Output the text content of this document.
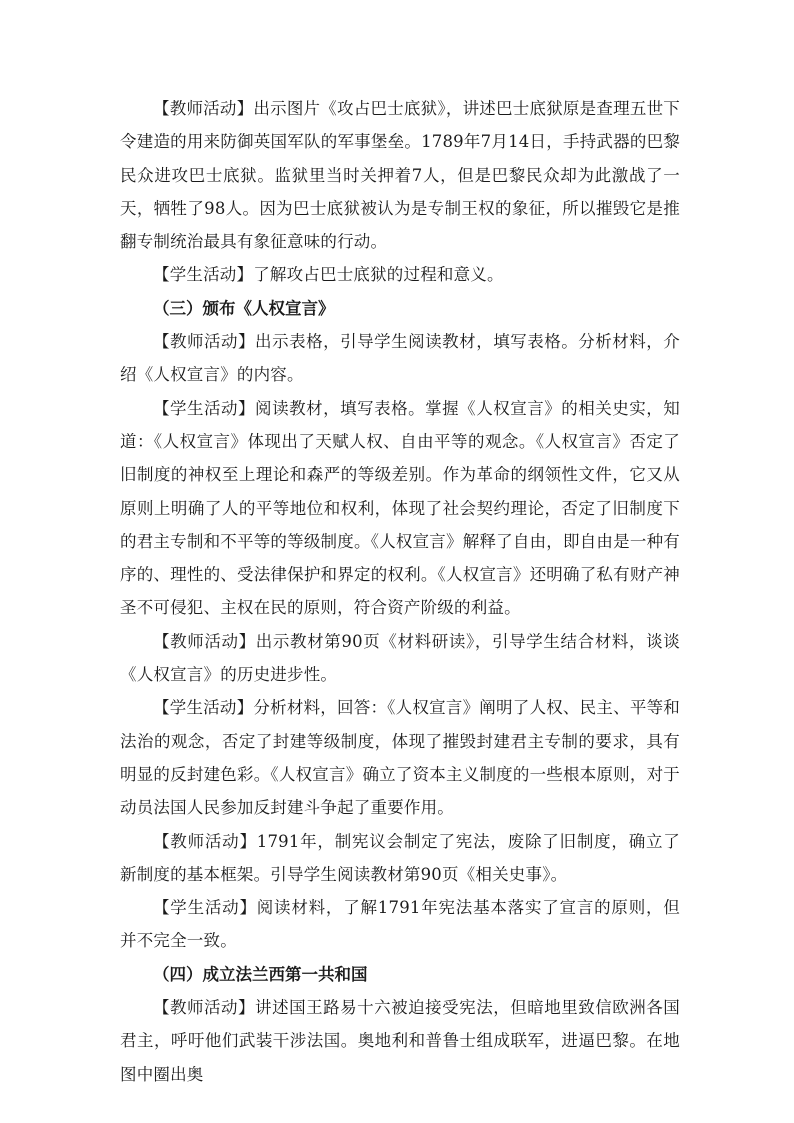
【教师活动】出示图片《攻占巴士底狱》，讲述巴士底狱原是查理五世下令建造的用来防御英国军队的军事堡垒。1789年7月14日，手持武器的巴黎民众进攻巴士底狱。监狱里当时关押着7人，但是巴黎民众却为此激战了一天，牺牲了98人。因为巴士底狱被认为是专制王权的象征，所以摧毁它是推翻专制统治最具有象征意味的行动。

【学生活动】了解攻占巴士底狱的过程和意义。

（三）颁布《人权宣言》

【教师活动】出示表格，引导学生阅读教材，填写表格。分析材料，介绍《人权宣言》的内容。

【学生活动】阅读教材，填写表格。掌握《人权宣言》的相关史实，知道：《人权宣言》体现出了天赋人权、自由平等的观念。《人权宣言》否定了旧制度的神权至上理论和森严的等级差别。作为革命的纲领性文件，它又从原则上明确了人的平等地位和权利，体现了社会契约理论，否定了旧制度下的君主专制和不平等的等级制度。《人权宣言》解释了自由，即自由是一种有序的、理性的、受法律保护和界定的权利。《人权宣言》还明确了私有财产神圣不可侵犯、主权在民的原则，符合资产阶级的利益。

【教师活动】出示教材第90页《材料研读》，引导学生结合材料，谈谈《人权宣言》的历史进步性。

【学生活动】分析材料，回答：《人权宣言》阐明了人权、民主、平等和法治的观念，否定了封建等级制度，体现了摧毁封建君主专制的要求，具有明显的反封建色彩。《人权宣言》确立了资本主义制度的一些根本原则，对于动员法国人民参加反封建斗争起了重要作用。

【教师活动】1791年，制宪议会制定了宪法，废除了旧制度，确立了新制度的基本框架。引导学生阅读教材第90页《相关史事》。

【学生活动】阅读材料，了解1791年宪法基本落实了宣言的原则，但并不完全一致。

（四）成立法兰西第一共和国

【教师活动】讲述国王路易十六被迫接受宪法，但暗地里致信欧洲各国君主，呼吁他们武装干涉法国。奥地利和普鲁士组成联军，进逼巴黎。在地图中圈出奥
